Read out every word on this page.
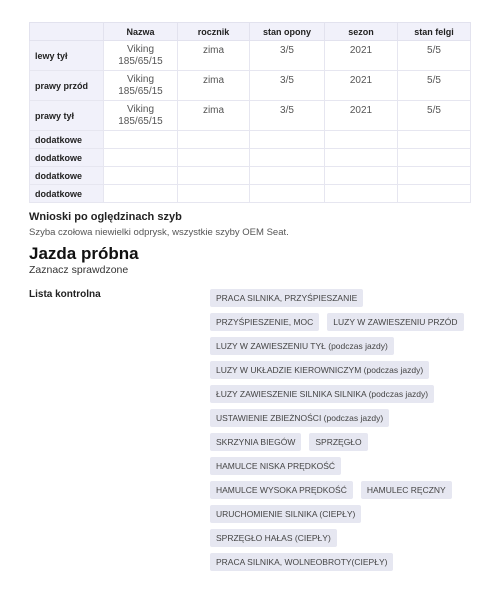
	Nazwa	rocznik	stan opony	sezon	stan felgi
lewy tył	Viking 185/65/15	zima	3/5	2021	5/5
prawy przód	Viking 185/65/15	zima	3/5	2021	5/5
prawy tył	Viking 185/65/15	zima	3/5	2021	5/5
dodatkowe					
dodatkowe					
dodatkowe					
dodatkowe					
Wnioski po oględzinach szyb
Szyba czołowa niewielki odprysk, wszystkie szyby OEM Seat.
Jazda próbna
Zaznacz sprawdzone
Lista kontrolna	PRACA SILNIKA, PRZYŚPIESZANIE
PRZYŚPIESZENIE, MOC	LUZY W ZAWIESZENIU PRZÓD
LUZY W ZAWIESZENIU TYŁ (podczas jazdy)
LUZY W UKŁADZIE KIEROWNICZYM (podczas jazdy)
ŁUZY ZAWIESZENIE SILNIKA SILNIKA (podczas jazdy)
USTAWIENIE ZBIEŻNOŚCI (podczas jazdy)
SKRZYNIA BIEGÓW	SPRZĘGŁO
HAMULCE NISKA PRĘDKOŚĆ
HAMULCE WYSOKA PRĘDKOŚĆ	HAMULEC RĘCZNY
URUCHOMIENIE SILNIKA (CIEPŁY)
SPRZĘGŁO HAŁAS (CIEPŁY)
PRACA SILNIKA, WOLNEOBROTY(CIEPŁY)
